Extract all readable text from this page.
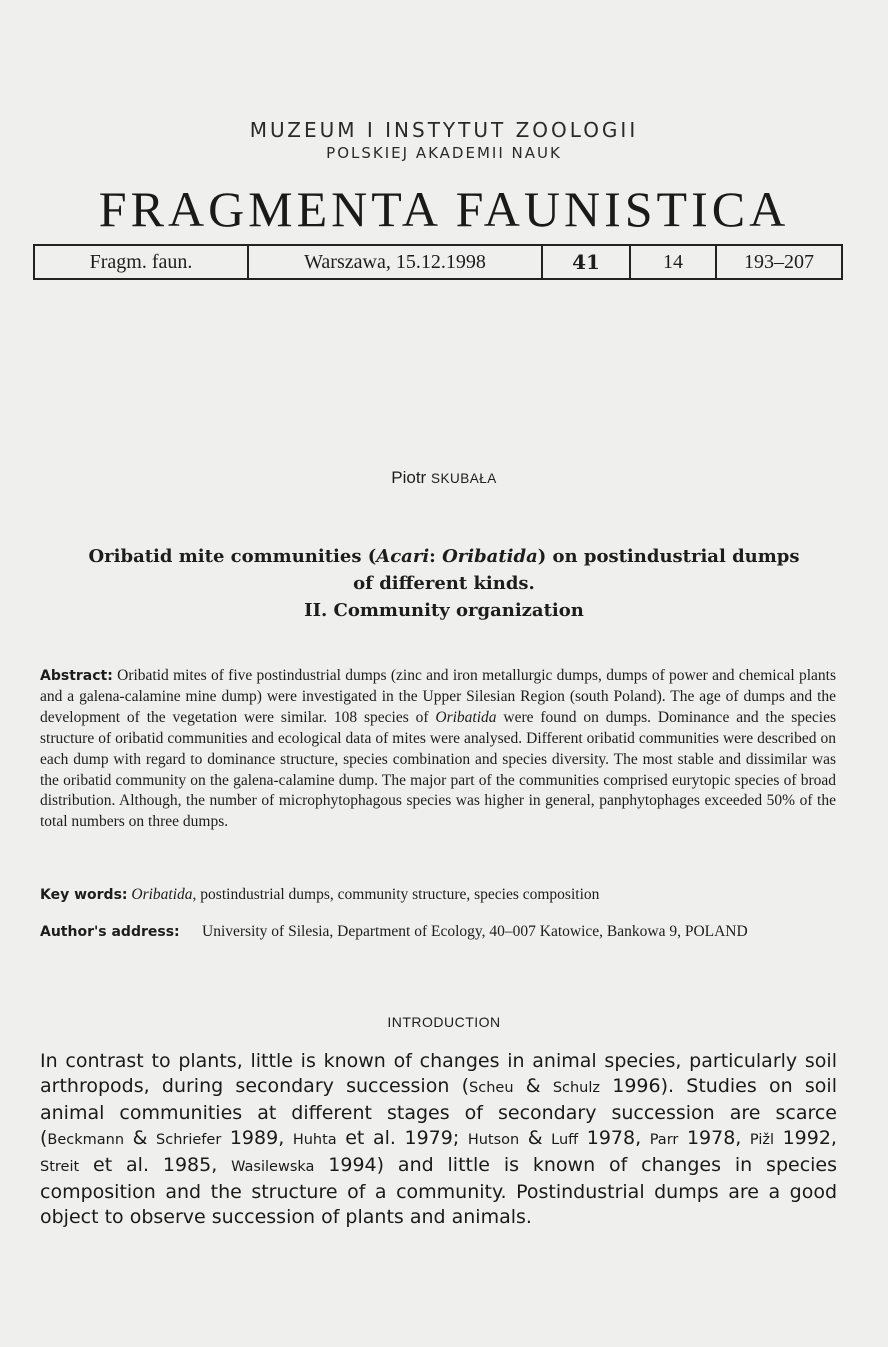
MUZEUM I INSTYTUT ZOOLOGII
POLSKIEJ AKADEMII NAUK
FRAGMENTA FAUNISTICA
Fragm. faun.	Warszawa, 15.12.1998	41	14	193–207
Piotr SKUBAŁA
Oribatid mite communities (Acari: Oribatida) on postindustrial dumps
of different kinds.
II. Community organization
Abstract: Oribatid mites of five postindustrial dumps (zinc and iron metallurgic dumps, dumps of power and chemical plants and a galena-calamine mine dump) were investigated in the Upper Silesian Region (south Poland). The age of dumps and the development of the vegetation were similar. 108 species of Oribatida were found on dumps. Dominance and the species structure of oribatid communities and ecological data of mites were analysed. Different oribatid communities were described on each dump with regard to dominance structure, species combination and species diversity. The most stable and dissimilar was the oribatid community on the galena-calamine dump. The major part of the communities comprised eurytopic species of broad distribution. Although, the number of microphytophagous species was higher in general, panphytophages exceeded 50% of the total numbers on three dumps.
Key words: Oribatida, postindustrial dumps, community structure, species composition
Author's address: University of Silesia, Department of Ecology, 40–007 Katowice, Bankowa 9, POLAND
INTRODUCTION
In contrast to plants, little is known of changes in animal species, particularly soil arthropods, during secondary succession (Scheu & Schulz 1996). Studies on soil animal communities at different stages of secondary succession are scarce (Beckmann & Schriefer 1989, Huhta et al. 1979; Hutson & Luff 1978, Parr 1978, Pižl 1992, Streit et al. 1985, Wasilewska 1994) and little is known of changes in species composition and the structure of a community. Postindustrial dumps are a good object to observe succession of plants and animals.
